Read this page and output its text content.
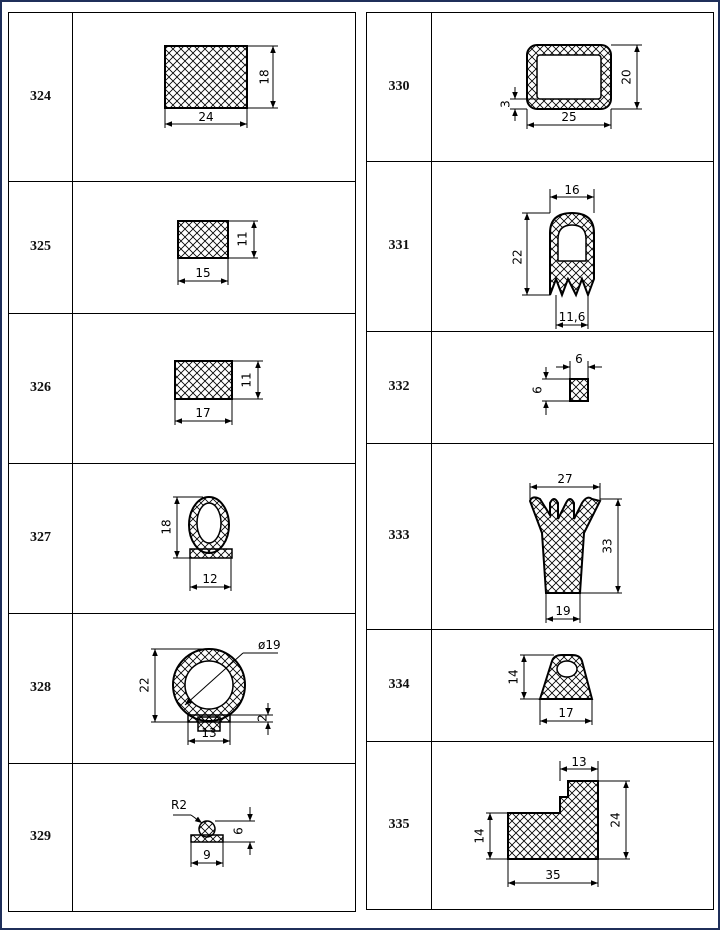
324
24
18
325
15
11
326
17
11
327
12
18
328
ø19
13
22
2
329
R2
9
6
330
25
20
3
331
16
22
11,6
332
6
6
333
27
33
19
334
17
14
335
13
24
14
35
